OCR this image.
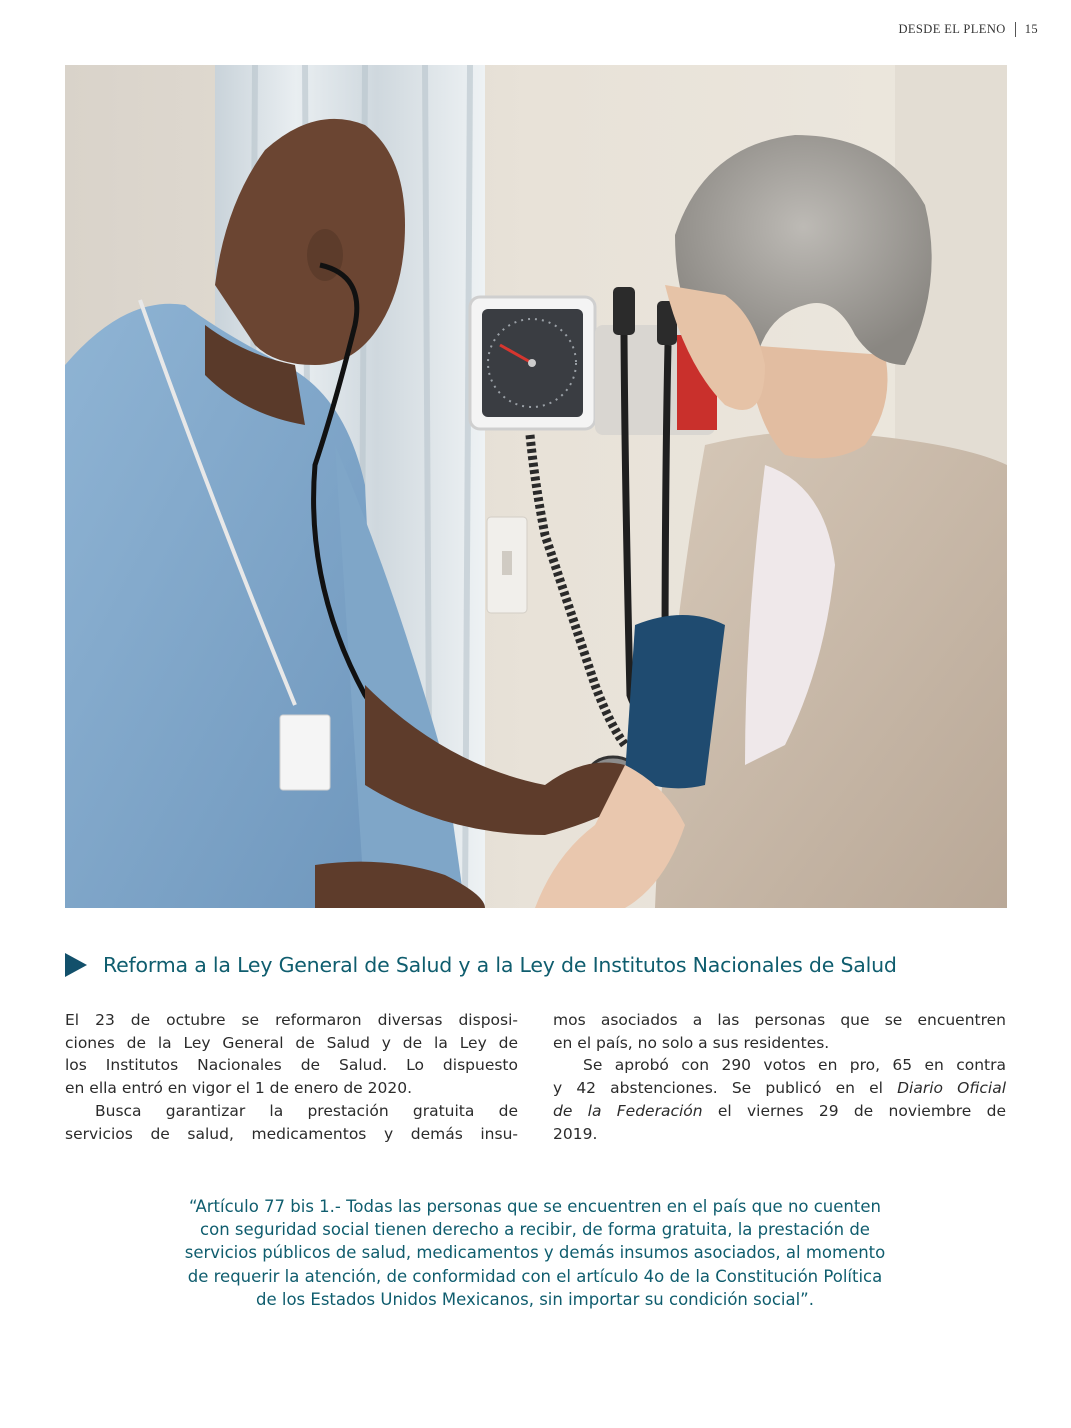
DESDE EL PLENO 15
Reforma a la Ley General de Salud y a la Ley de Institutos Nacionales de Salud

El 23 de octubre se reformaron diversas disposi-
ciones de la Ley General de Salud y de la Ley de
los Institutos Nacionales de Salud. Lo dispuesto
en ella entró en vigor el 1 de enero de 2020.

Busca garantizar la prestación gratuita de
servicios de salud, medicamentos y demás insu-

mos asociados a las personas que se encuentren
en el país, no solo a sus residentes.

Se aprobó con 290 votos en pro, 65 en contra
y 42 abstenciones. Se publicó en el Diario Oficial
de la Federación el viernes 29 de noviembre de
2019.

“Artículo 77 bis 1.- Todas las personas que se encuentren en el país que no cuenten
con seguridad social tienen derecho a recibir, de forma gratuita, la prestación de
servicios públicos de salud, medicamentos y demás insumos asociados, al momento
de requerir la atención, de conformidad con el artículo 4o de la Constitución Política
de los Estados Unidos Mexicanos, sin importar su condición social”.
